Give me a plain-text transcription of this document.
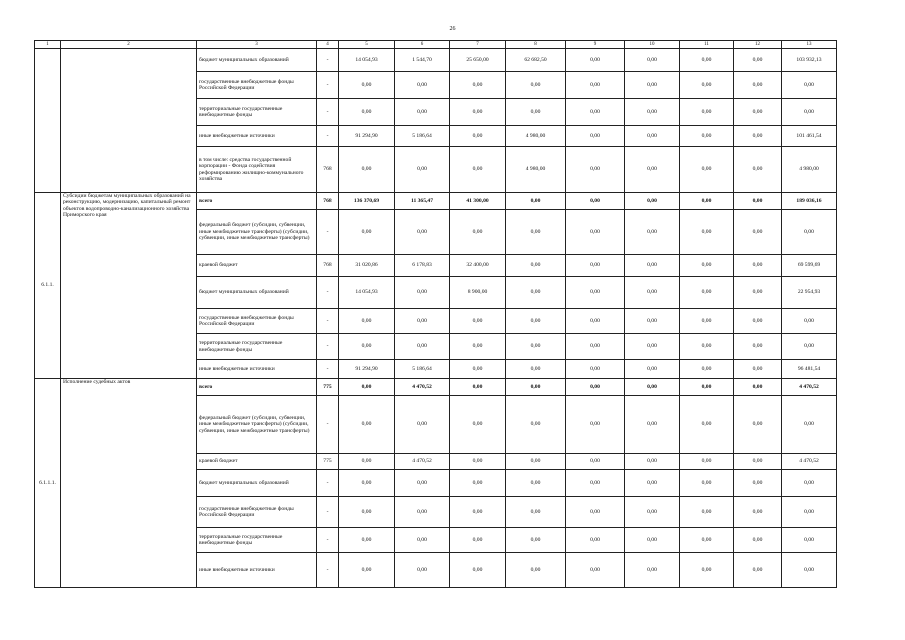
26
1	2	3	4	5	6	7	8	9	10	11	12	13
		бюджет муниципальных образований	-	14 054,93	1 544,70	25 650,00	62 682,50	0,00	0,00	0,00	0,00	103 932,13
		государственные внебюджетные фонды Российской Федерации	-	0,00	0,00	0,00	0,00	0,00	0,00	0,00	0,00	0,00
		территориальные государственные внебюджетные фонды	-	0,00	0,00	0,00	0,00	0,00	0,00	0,00	0,00	0,00
		иные внебюджетные источники	-	91 294,90	5 186,64	0,00	4 980,00	0,00	0,00	0,00	0,00	101 461,54
		в том числе: средства государственной корпорации - Фонда содействия реформированию жилищно-коммунального хозяйства	768	0,00	0,00	0,00	4 980,00	0,00	0,00	0,00	0,00	4 980,00
6.1.1.	Субсидии бюджетам муниципальных образований на реконструкцию, модернизацию, капитальный ремонт объектов водопроводно-канализационного хозяйства Приморского края	всего	768	136 370,69	11 365,47	41 300,00	0,00	0,00	0,00	0,00	0,00	189 036,16
		федеральный бюджет (субсидии, субвенции, иные межбюджетные трансферты) (субсидии, субвенции, иные межбюджетные трансферты)	-	0,00	0,00	0,00	0,00	0,00	0,00	0,00	0,00	0,00
		краевой бюджет	768	31 020,86	6 178,83	32 400,00	0,00	0,00	0,00	0,00	0,00	69 599,69
		бюджет муниципальных образований	-	14 054,93	0,00	8 900,00	0,00	0,00	0,00	0,00	0,00	22 954,93
		государственные внебюджетные фонды Российской Федерации	-	0,00	0,00	0,00	0,00	0,00	0,00	0,00	0,00	0,00
		территориальные государственные внебюджетные фонды	-	0,00	0,00	0,00	0,00	0,00	0,00	0,00	0,00	0,00
		иные внебюджетные источники	-	91 294,90	5 186,64	0,00	0,00	0,00	0,00	0,00	0,00	96 481,54
6.1.1.1.	Исполнение судебных актов	всего	775	0,00	4 470,52	0,00	0,00	0,00	0,00	0,00	0,00	4 470,52
		федеральный бюджет (субсидии, субвенции, иные межбюджетные трансферты) (субсидии, субвенции, иные межбюджетные трансферты)	-	0,00	0,00	0,00	0,00	0,00	0,00	0,00	0,00	0,00
		краевой бюджет	775	0,00	4 470,52	0,00	0,00	0,00	0,00	0,00	0,00	4 470,52
		бюджет муниципальных образований	-	0,00	0,00	0,00	0,00	0,00	0,00	0,00	0,00	0,00
		государственные внебюджетные фонды Российской Федерации	-	0,00	0,00	0,00	0,00	0,00	0,00	0,00	0,00	0,00
		территориальные государственные внебюджетные фонды	-	0,00	0,00	0,00	0,00	0,00	0,00	0,00	0,00	0,00
		иные внебюджетные источники	-	0,00	0,00	0,00	0,00	0,00	0,00	0,00	0,00	0,00
